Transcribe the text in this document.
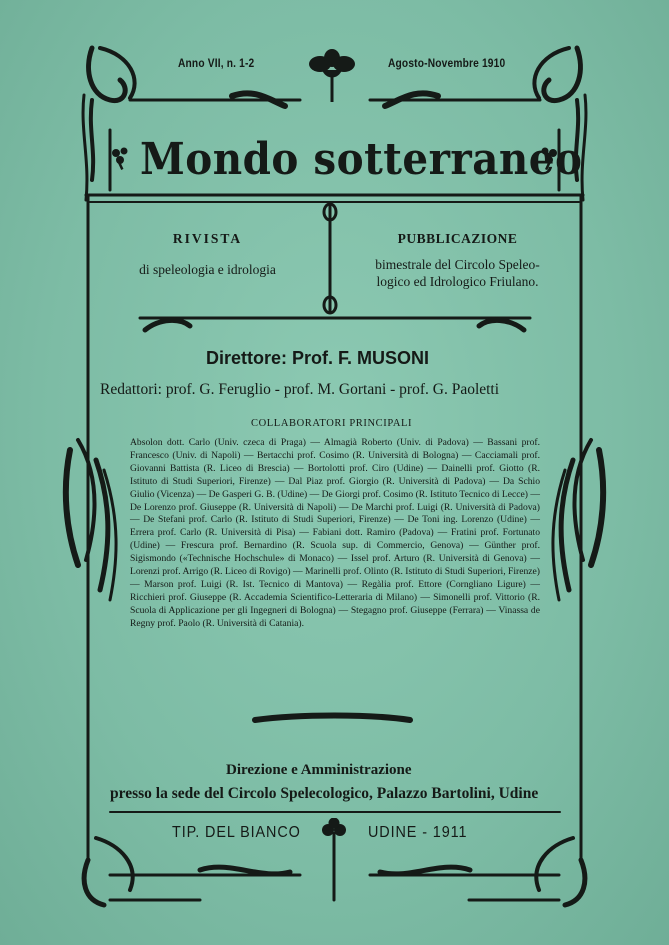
Anno VII, n. 1-2	Agosto-Novembre 1910
Mondo sotterraneo
RIVISTA
di speleologia e idrologia
PUBBLICAZIONE
bimestrale del Circolo Speleo-
logico ed Idrologico Friulano.
Direttore: Prof. F. MUSONI
Redattori: prof. G. Feruglio - prof. M. Gortani - prof. G. Paoletti
COLLABORATORI PRINCIPALI

Absolon dott. Carlo (Univ. czeca di Praga) — Almagià Roberto (Univ. di Padova) — Bassani prof. Francesco (Univ. di Napoli) — Bertacchi prof. Cosimo (R. Università di Bologna) — Cacciamali prof. Giovanni Battista (R. Liceo di Brescia) — Bortolotti prof. Ciro (Udine) — Dainelli prof. Giotto (R. Istituto di Studi Superiori, Firenze) — Dal Piaz prof. Giorgio (R. Università di Padova) — Da Schio Giulio (Vicenza) — De Gasperi G. B. (Udine) — De Giorgi prof. Cosimo (R. Istituto Tecnico di Lecce) — De Lorenzo prof. Giuseppe (R. Università di Napoli) — De Marchi prof. Luigi (R. Università di Padova) — De Stefani prof. Carlo (R. Istituto di Studi Superiori, Firenze) — De Toni ing. Lorenzo (Udine) — Errera prof. Carlo (R. Università di Pisa) — Fabiani dott. Ramiro (Padova) — Fratini prof. Fortunato (Udine) — Frescura prof. Bernardino (R. Scuola sup. di Commercio, Genova) — Günther prof. Sigismondo («Technische Hochschule» di Monaco) — Issel prof. Arturo (R. Università di Genova) — Lorenzi prof. Arrigo (R. Liceo di Rovigo) — Marinelli prof. Olinto (R. Istituto di Studi Superiori, Firenze) — Marson prof. Luigi (R. Ist. Tecnico di Mantova) — Regàlia prof. Ettore (Corngliano Ligure) — Ricchieri prof. Giuseppe (R. Accademia Scientifico-Letteraria di Milano) — Simonelli prof. Vittorio (R. Scuola di Applicazione per gli Ingegneri di Bologna) — Stegagno prof. Giuseppe (Ferrara) — Vinassa de Regny prof. Paolo (R. Università di Catania).

Direzione e Amministrazione
presso la sede del Circolo Spelecologico, Palazzo Bartolini, Udine
TIP. DEL BIANCO	UDINE - 1911
